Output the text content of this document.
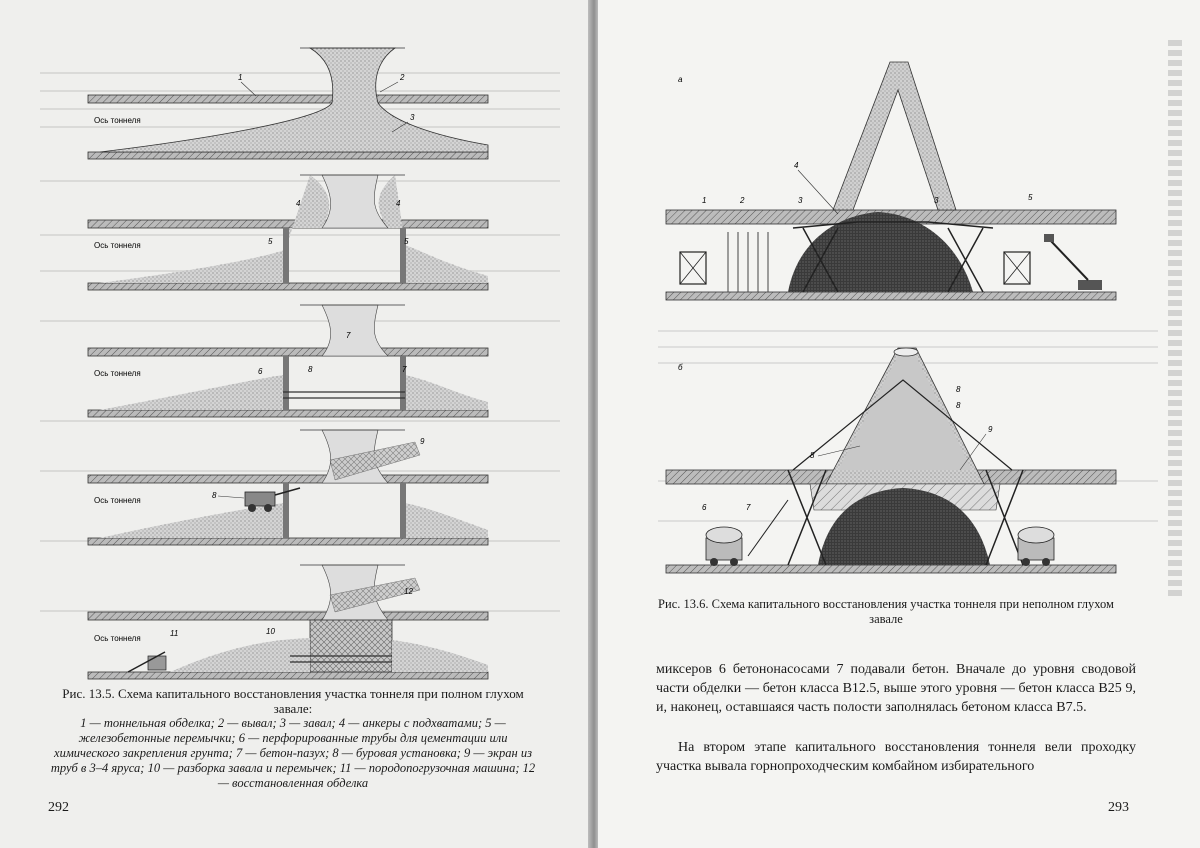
Ось тоннеля
1	2
3
Ось тоннеля
4	4
5	5
Ось тоннеля	6
7
7
8
Ось тоннеля
8
9
Ось тоннеля
11	10
12
Рис. 13.5. Схема капитального восстановления участка тоннеля при полном глухом завале:
1 — тоннельная обделка; 2 — вывал; 3 — завал; 4 — анкеры с подхватами; 5 — железобетонные перемычки; 6 — перфорированные трубы для цементации или химического закрепления грунта; 7 — бетон-пазух; 8 — буровая установка; 9 — экран из труб в 3–4 яруса; 10 — разборка завала и перемычек; 11 — породопогрузочная машина; 12 — восстановленная обделка
292
а
1	2	3	3
4
5
б
6	7
8
8
8
9
Рис. 13.6. Схема капитального восстановления участка тоннеля при неполном глухом завале
миксеров 6 бетононасосами 7 подавали бетон. Вначале до уровня сводовой части обделки — бетон класса В12.5, выше этого уровня — бетон класса В25 9, и, наконец, оставшаяся часть полости заполнялась бетоном класса В7.5.
На втором этапе капитального восстановления тоннеля вели проходку участка вывала горнопроходческим комбайном избирательного
293
